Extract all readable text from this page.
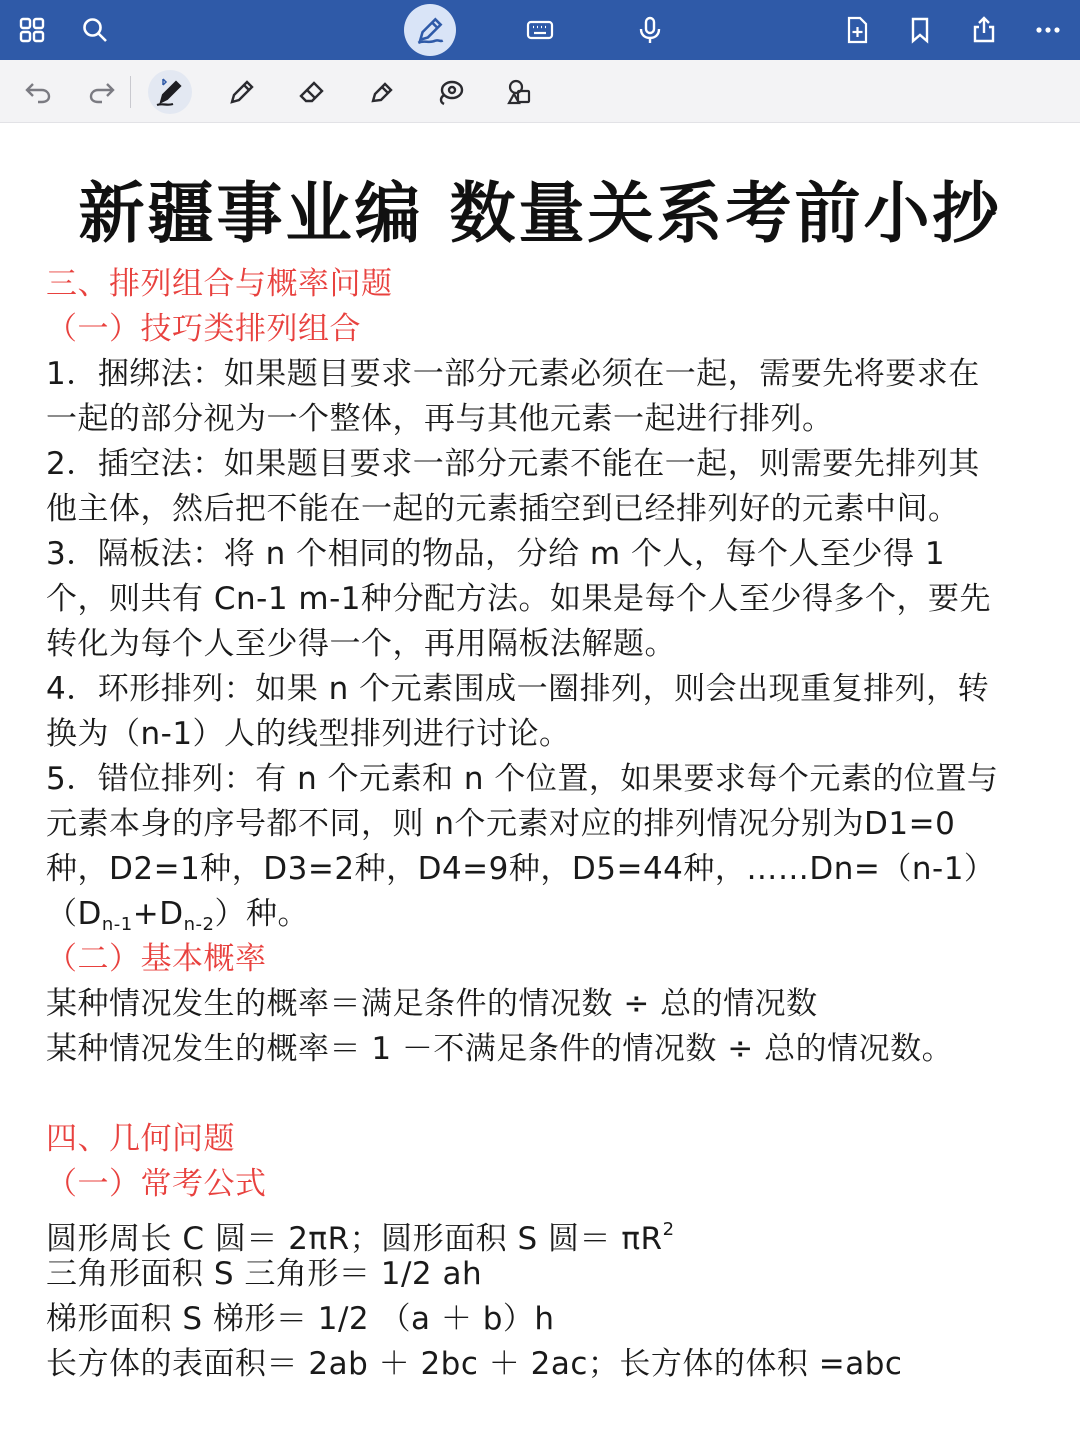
新疆事业编 数量关系考前小抄
三、排列组合与概率问题
（一）技巧类排列组合
1．捆绑法：如果题目要求一部分元素必须在一起，需要先将要求在
一起的部分视为一个整体，再与其他元素一起进行排列。
2．插空法：如果题目要求一部分元素不能在一起，则需要先排列其
他主体，然后把不能在一起的元素插空到已经排列好的元素中间。
3．隔板法：将 n 个相同的物品，分给 m 个人，每个人至少得 1
个，则共有 Cn-1 m-1种分配方法。如果是每个人至少得多个，要先
转化为每个人至少得一个，再用隔板法解题。
4．环形排列：如果 n 个元素围成一圈排列，则会出现重复排列，转
换为（n-1）人的线型排列进行讨论。
5．错位排列：有 n 个元素和 n 个位置，如果要求每个元素的位置与
元素本身的序号都不同，则 n个元素对应的排列情况分别为D1=0
种，D2=1种，D3=2种，D4=9种，D5=44种，……Dn=（n-1）
$(D_{n-1}+D_{n-2})$种。
（二）基本概率
某种情况发生的概率＝满足条件的情况数 ÷ 总的情况数
某种情况发生的概率＝ 1 －不满足条件的情况数 ÷ 总的情况数。
四、几何问题
（一）常考公式
圆形周长 C 圆＝ 2πR；圆形面积 S 圆＝ $\pi R^2$
三角形面积 S 三角形＝ 1/2 ah
梯形面积 S 梯形＝ 1/2 （a ＋ b）h
长方体的表面积＝ 2ab ＋ 2bc ＋ 2ac；长方体的体积 =abc
